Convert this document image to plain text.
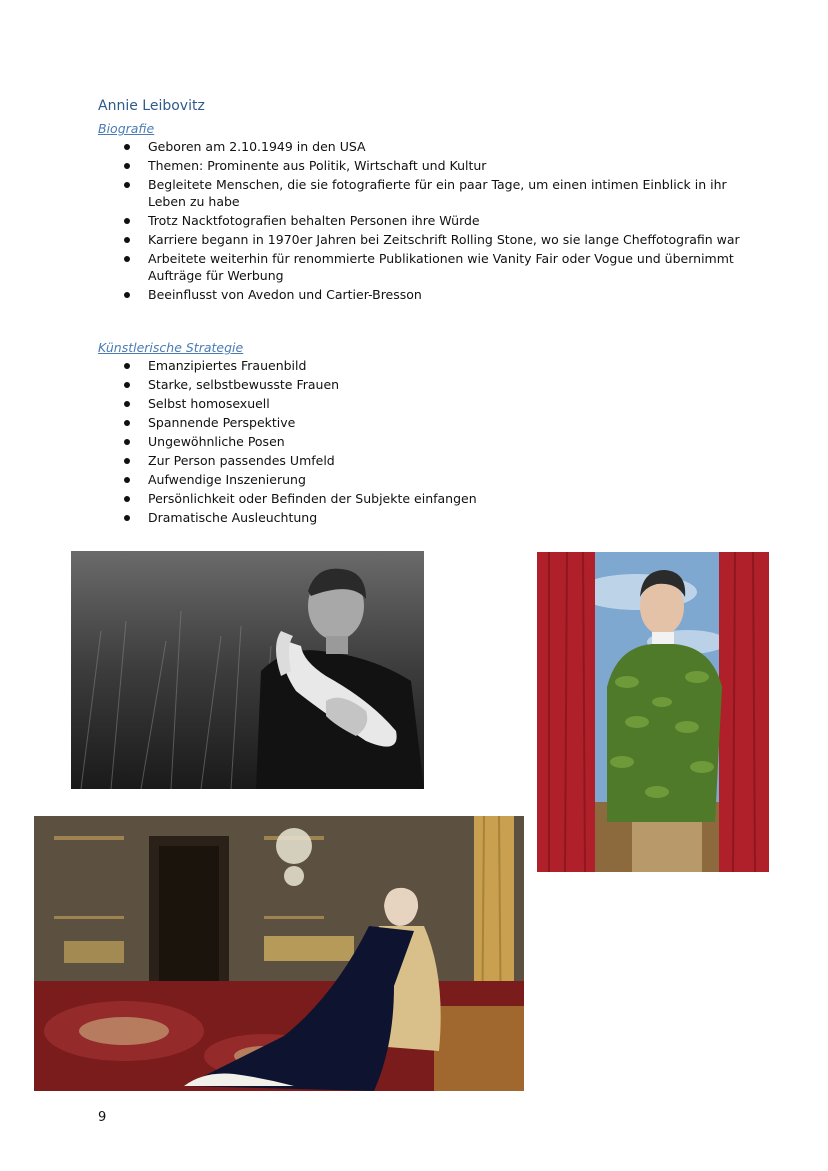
Annie Leibovitz
Biografie
Geboren am 2.10.1949 in den USA
Themen: Prominente aus Politik, Wirtschaft und Kultur
Begleitete Menschen, die sie fotografierte für ein paar Tage, um einen intimen Einblick in ihr Leben zu habe
Trotz Nacktfotografien behalten Personen ihre Würde
Karriere begann in 1970er Jahren bei Zeitschrift Rolling Stone, wo sie lange Cheffotografin war
Arbeitete weiterhin für renommierte Publikationen wie Vanity Fair oder Vogue und übernimmt Aufträge für Werbung
Beeinflusst von Avedon und Cartier-Bresson
Künstlerische Strategie
Emanzipiertes Frauenbild
Starke, selbstbewusste Frauen
Selbst homosexuell
Spannende Perspektive
Ungewöhnliche Posen
Zur Person passendes Umfeld
Aufwendige Inszenierung
Persönlichkeit oder Befinden der Subjekte einfangen
Dramatische Ausleuchtung
9
